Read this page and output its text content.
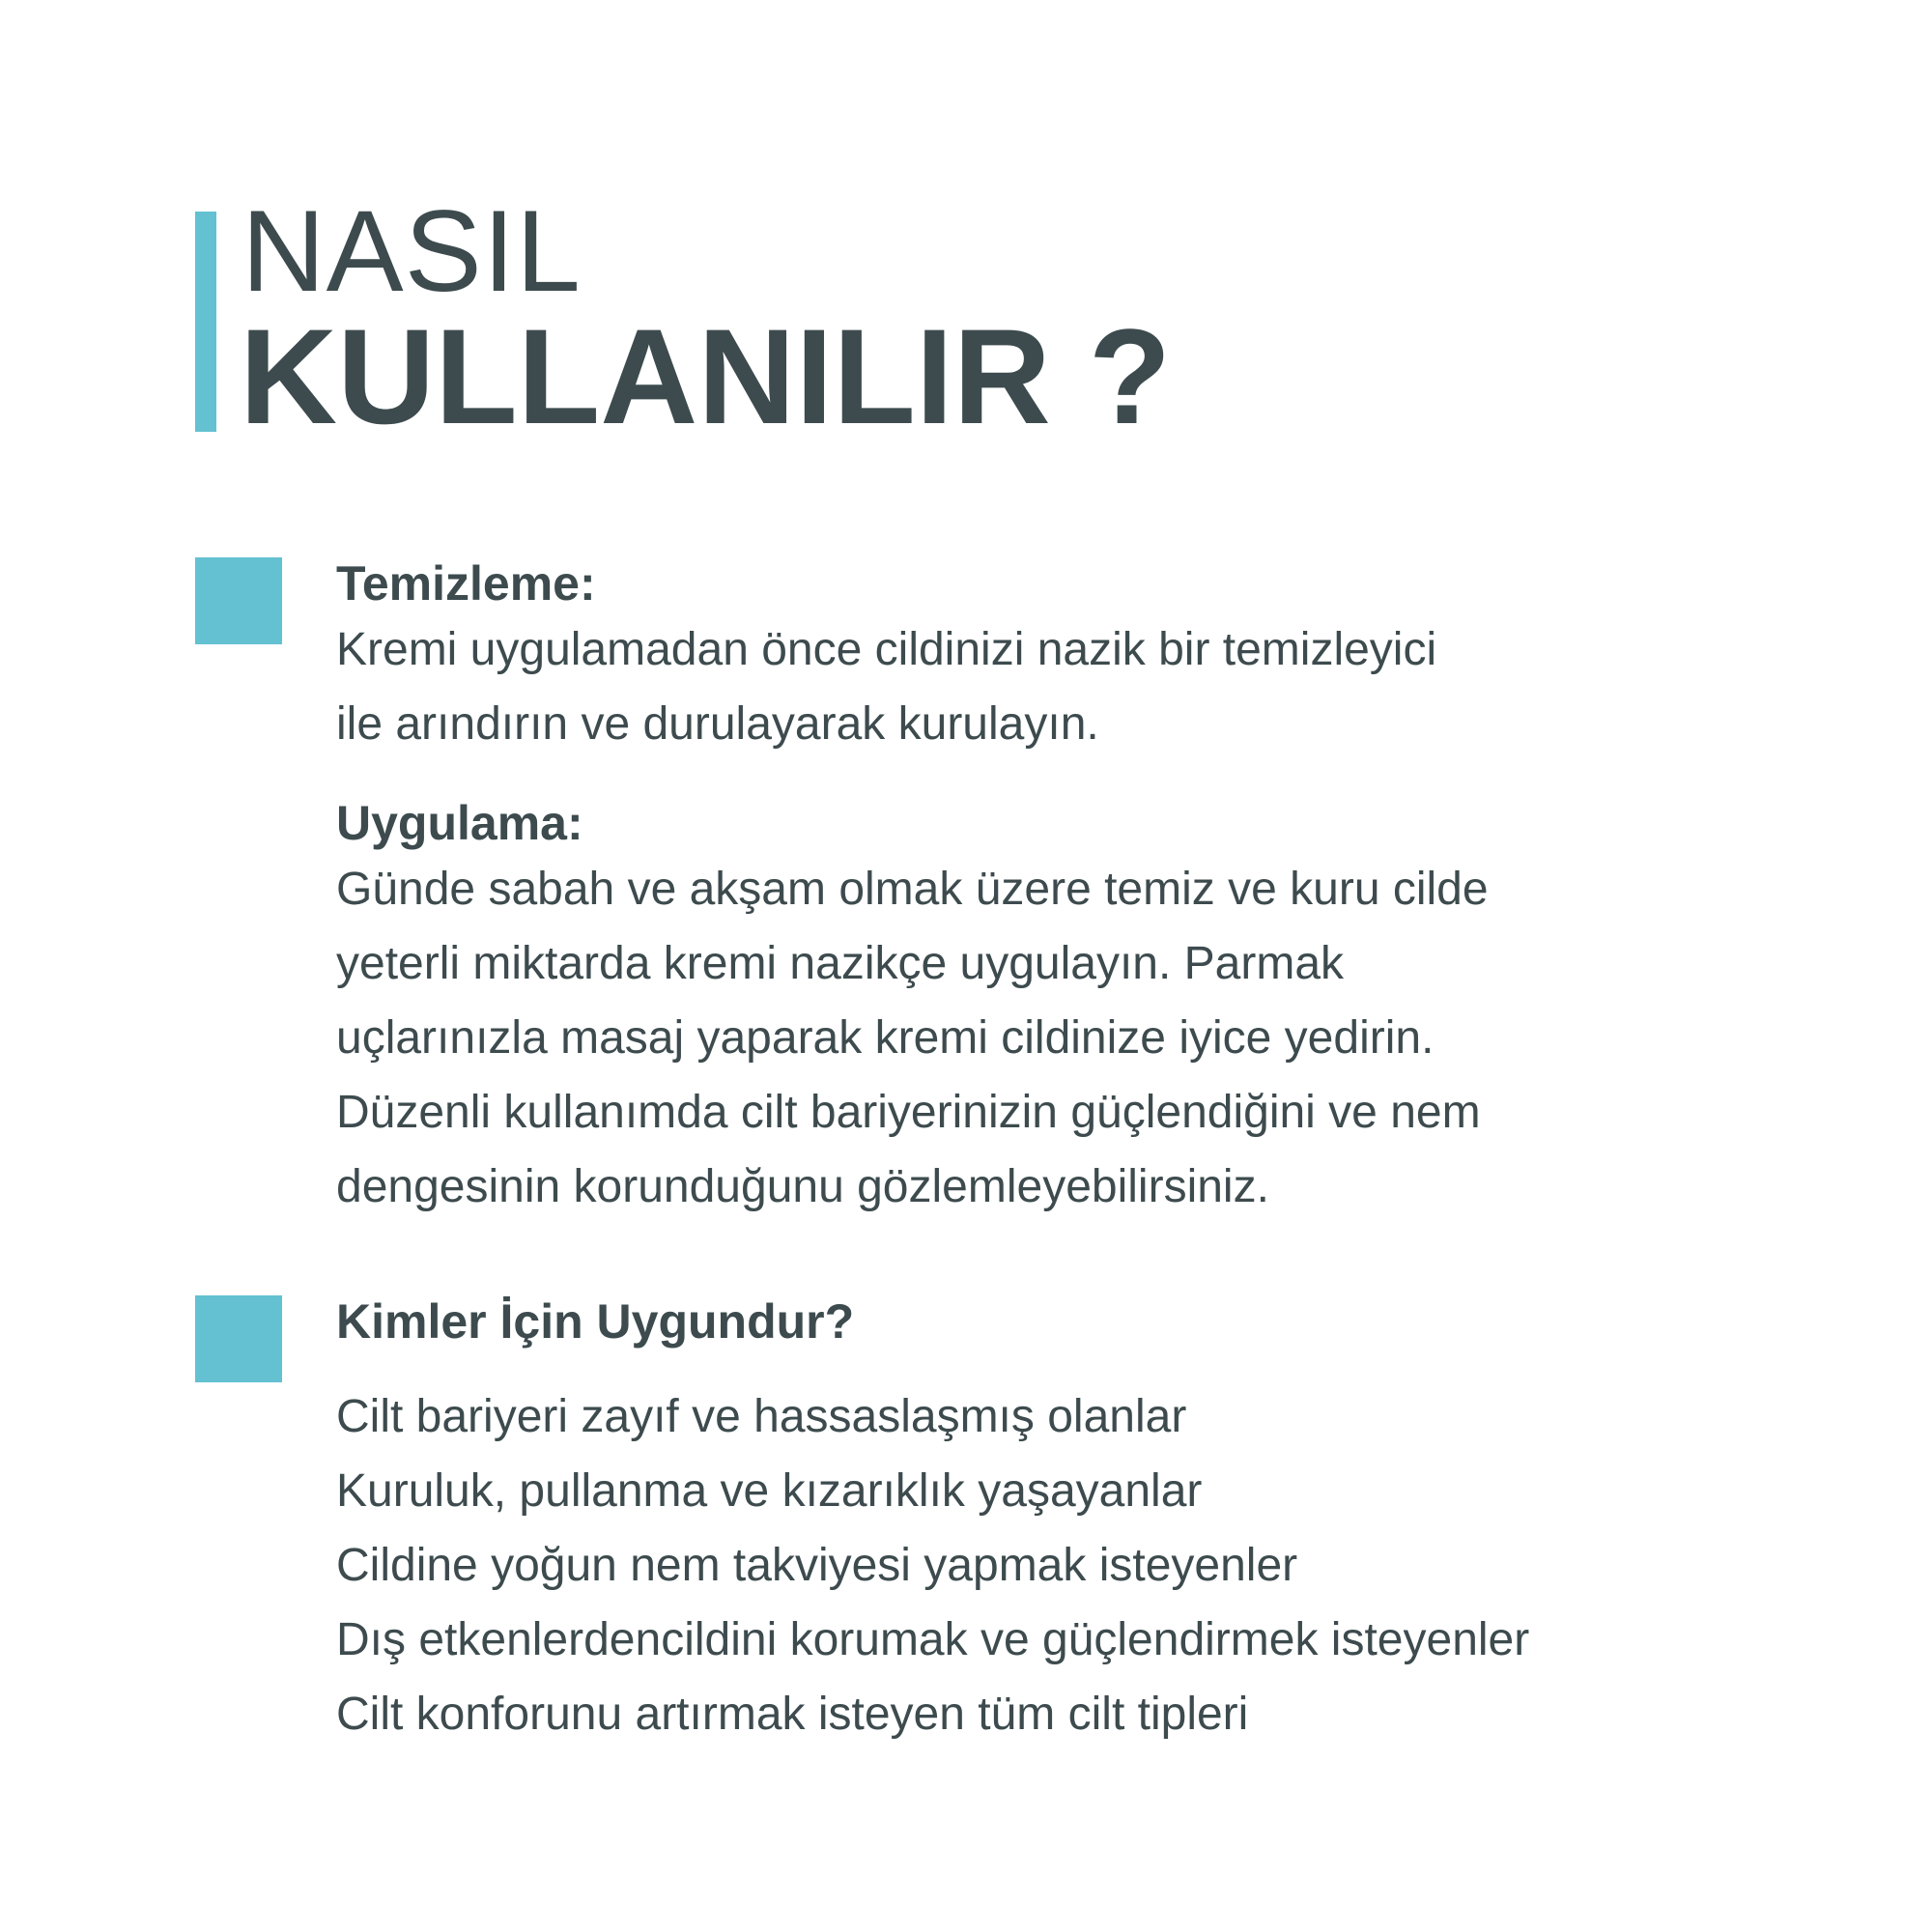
NASIL
KULLANILIR ?
Temizleme:
Kremi uygulamadan önce cildinizi nazik bir temizleyici
ile arındırın ve durulayarak kurulayın.
Uygulama:
Günde sabah ve akşam olmak üzere temiz ve kuru cilde
yeterli miktarda kremi nazikçe uygulayın. Parmak
uçlarınızla masaj yaparak kremi cildinize iyice yedirin.
Düzenli kullanımda cilt bariyerinizin güçlendiğini ve nem
dengesinin korunduğunu gözlemleyebilirsiniz.
Kimler İçin Uygundur?
Cilt bariyeri zayıf ve hassaslaşmış olanlar
Kuruluk, pullanma ve kızarıklık yaşayanlar
Cildine yoğun nem takviyesi yapmak isteyenler
Dış etkenlerdencildini korumak ve güçlendirmek isteyenler
Cilt konforunu artırmak isteyen tüm cilt tipleri
